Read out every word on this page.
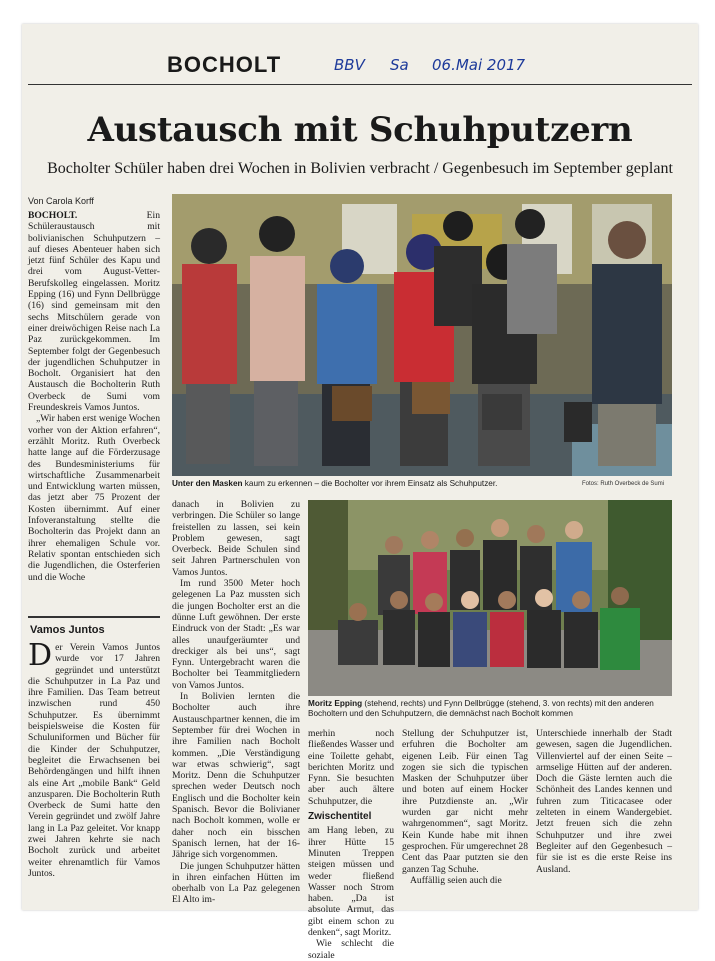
BOCHOLT	BBV Sa 06.Mai 2017
Austausch mit Schuhputzern
Bocholter Schüler haben drei Wochen in Bolivien verbracht / Gegenbesuch im September geplant
Von Carola Korff

BOCHOLT. Ein Schüleraustausch mit bolivianischen Schuhputzern – auf dieses Abenteuer haben sich jetzt fünf Schüler des Kapu und drei vom August-Vetter-Berufskolleg eingelassen. Moritz Epping (16) und Fynn Dellbrügge (16) sind gemeinsam mit den sechs Mitschülern gerade von einer dreiwöchigen Reise nach La Paz zurückgekommen. Im September folgt der Gegenbesuch der jugendlichen Schuhputzer in Bocholt. Organisiert hat den Austausch die Bocholterin Ruth Overbeck de Sumi vom Freundeskreis Vamos Juntos.

„Wir haben erst wenige Wochen vorher von der Aktion erfahren“, erzählt Moritz. Ruth Overbeck hatte lange auf die Förderzusage des Bundesministeriums für wirtschaftliche Zusammenarbeit und Entwicklung warten müssen, das jetzt aber 75 Prozent der Kosten übernimmt. Auf einer Infoveranstaltung stellte die Bocholterin das Projekt dann an ihrer ehemaligen Schule vor. Relativ spontan entschieden sich die Jugendlichen, die Osterferien und die Woche

Vamos Juntos
Der Verein Vamos Juntos wurde vor 17 Jahren gegründet und unterstützt die Schuhputzer in La Paz und ihre Familien. Das Team betreut inzwischen rund 450 Schuhputzer. Es übernimmt beispielsweise die Kosten für Schuluniformen und Bücher für die Kinder der Schuhputzer, begleitet die Erwachsenen bei Behördengängen und hilft ihnen als eine Art „mobile Bank“ Geld anzusparen. Die Bocholterin Ruth Overbeck de Sumi hatte den Verein gegründet und zwölf Jahre lang in La Paz geleitet. Vor knapp zwei Jahren kehrte sie nach Bocholt zurück und arbeitet weiter ehrenamtlich für Vamos Juntos.
Unter den Masken kaum zu erkennen – die Bocholter vor ihrem Einsatz als Schuhputzer.	Fotos: Ruth Overbeck de Sumi

danach in Bolivien zu verbringen. Die Schüler so lange freistellen zu lassen, sei kein Problem gewesen, sagt Overbeck. Beide Schulen sind seit Jahren Partnerschulen von Vamos Juntos.

Im rund 3500 Meter hoch gelegenen La Paz mussten sich die jungen Bocholter erst an die dünne Luft gewöhnen. Der erste Eindruck von der Stadt: „Es war alles unaufgeräumter und dreckiger als bei uns“, sagt Fynn. Untergebracht waren die Bocholter bei Teammitgliedern von Vamos Juntos.

In Bolivien lernten die Bocholter auch ihre Austauschpartner kennen, die im September für drei Wochen in ihre Familien nach Bocholt kommen. „Die Verständigung war etwas schwierig“, sagt Moritz. Denn die Schuhputzer sprechen weder Deutsch noch Englisch und die Bocholter kein Spanisch. Bevor die Bolivianer nach Bocholt kommen, wolle er daher noch ein bisschen Spanisch lernen, hat der 16-Jährige sich vorgenommen.

Die jungen Schuhputzer hätten in ihren einfachen Hütten im oberhalb von La Paz gelegenen El Alto im-

Moritz Epping (stehend, rechts) und Fynn Dellbrügge (stehend, 3. von rechts) mit den anderen Bocholtern und den Schuhputzern, die demnächst nach Bocholt kommen

merhin noch fließendes Wasser und eine Toilette gehabt, berichten Moritz und Fynn. Sie besuchten aber auch ältere Schuhputzer, die

Zwischentitel

am Hang leben, zu ihrer Hütte 15 Minuten Treppen steigen müssen und weder fließend Wasser noch Strom haben. „Da ist absolute Armut, das gibt einem schon zu denken“, sagt Moritz.

Wie schlecht die soziale

Stellung der Schuhputzer ist, erfuhren die Bocholter am eigenen Leib. Für einen Tag zogen sie sich die typischen Masken der Schuhputzer über und boten auf einem Hocker ihre Putzdienste an. „Wir wurden gar nicht mehr wahrgenommen“, sagt Moritz. Kein Kunde habe mit ihnen gesprochen. Für umgerechnet 28 Cent das Paar putzten sie den ganzen Tag Schuhe.

Auffällig seien auch die

Unterschiede innerhalb der Stadt gewesen, sagen die Jugendlichen. Villenviertel auf der einen Seite – armselige Hütten auf der anderen. Doch die Gäste lernten auch die Schönheit des Landes kennen und fuhren zum Titicacasee oder zelteten in einem Wandergebiet. Jetzt freuen sich die zehn Schuhputzer und ihre zwei Begleiter auf den Gegenbesuch – für sie ist es die erste Reise ins Ausland.
